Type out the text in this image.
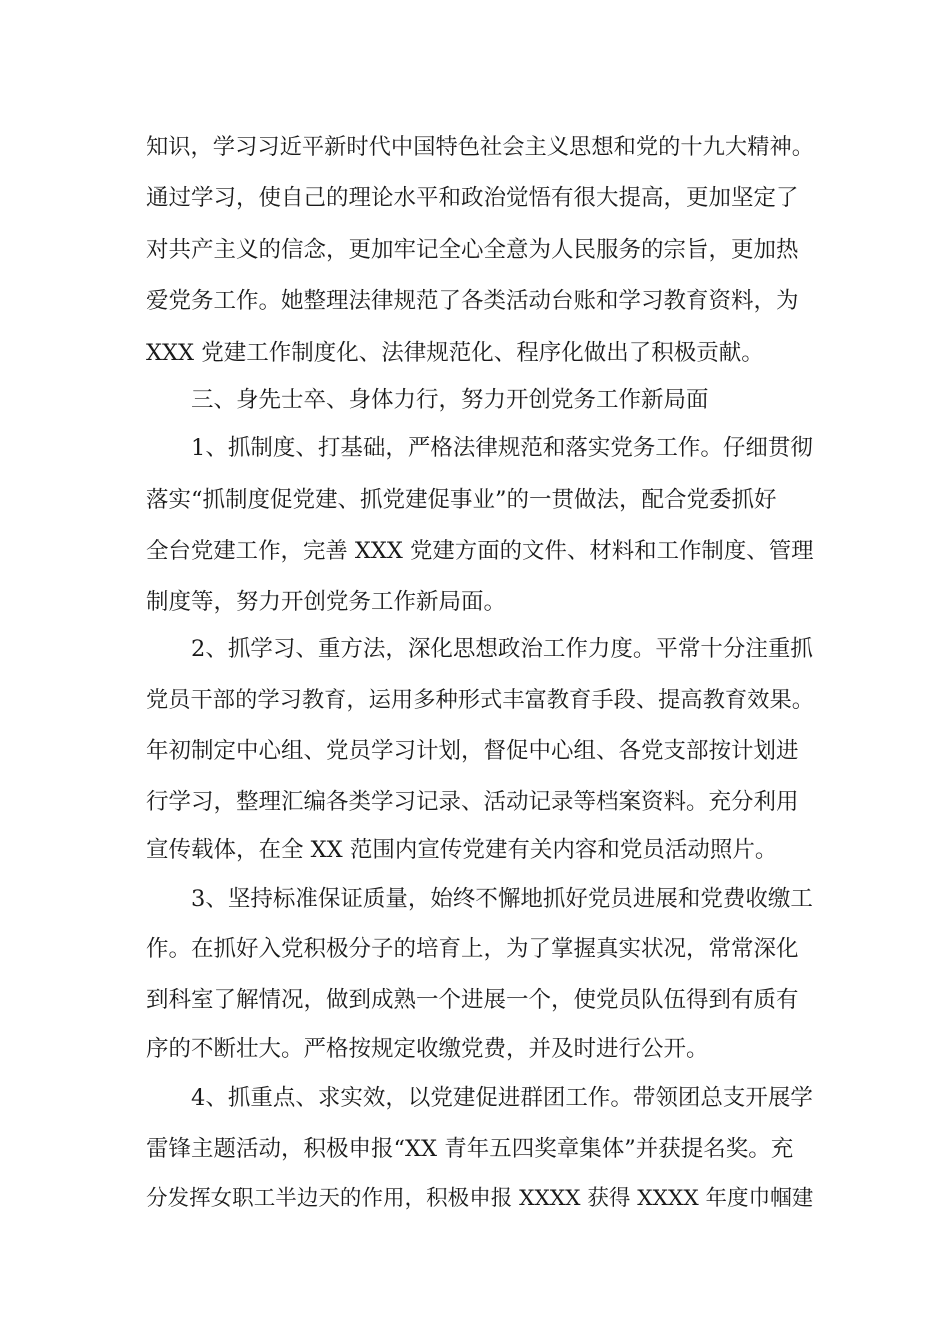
知识，学习习近平新时代中国特色社会主义思想和党的十九大精神。

通过学习，使自己的理论水平和政治觉悟有很大提高，更加坚定了

对共产主义的信念，更加牢记全心全意为人民服务的宗旨，更加热

爱党务工作。她整理法律规范了各类活动台账和学习教育资料，为

XXX 党建工作制度化、法律规范化、程序化做出了积极贡献。

三、身先士卒、身体力行，努力开创党务工作新局面

1、抓制度、打基础，严格法律规范和落实党务工作。仔细贯彻

落实“抓制度促党建、抓党建促事业”的一贯做法，配合党委抓好

全台党建工作，完善 XXX 党建方面的文件、材料和工作制度、管理

制度等，努力开创党务工作新局面。

2、抓学习、重方法，深化思想政治工作力度。平常十分注重抓

党员干部的学习教育，运用多种形式丰富教育手段、提高教育效果。

年初制定中心组、党员学习计划，督促中心组、各党支部按计划进

行学习，整理汇编各类学习记录、活动记录等档案资料。充分利用

宣传载体，在全 XX 范围内宣传党建有关内容和党员活动照片。

3、坚持标准保证质量，始终不懈地抓好党员进展和党费收缴工

作。在抓好入党积极分子的培育上，为了掌握真实状况，常常深化

到科室了解情况，做到成熟一个进展一个，使党员队伍得到有质有

序的不断壮大。严格按规定收缴党费，并及时进行公开。

4、抓重点、求实效，以党建促进群团工作。带领团总支开展学

雷锋主题活动，积极申报“XX 青年五四奖章集体”并获提名奖。充

分发挥女职工半边天的作用，积极申报 XXXX 获得 XXXX 年度巾帼建
